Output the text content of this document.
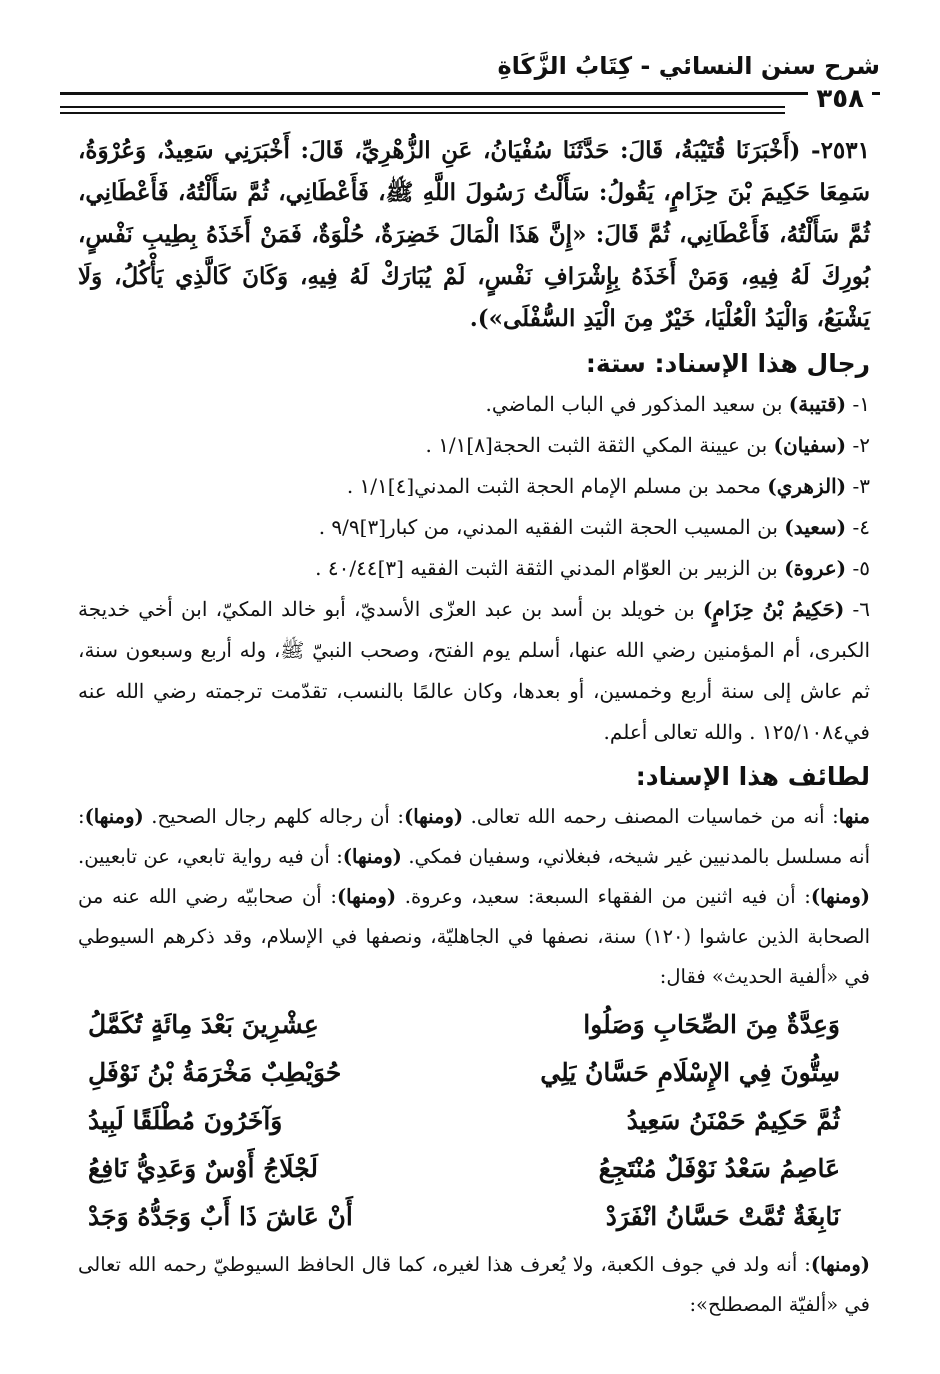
شرح سنن النسائي - كِتَابُ الزَّكَاةِ
٣٥٨

٢٥٣١- (أَخْبَرَنَا قُتَيْبَةُ، قَالَ: حَدَّثَنَا سُفْيَانُ، عَنِ الزُّهْرِيِّ، قَالَ: أَخْبَرَنِي سَعِيدٌ، وَعُرْوَةُ، سَمِعَا حَكِيمَ بْنَ حِزَامٍ، يَقُولُ: سَأَلْتُ رَسُولَ اللَّهِ ﷺ، فَأَعْطَانِي، ثُمَّ سَأَلْتُهُ، فَأَعْطَانِي، ثُمَّ سَأَلْتُهُ، فَأَعْطَانِي، ثُمَّ قَالَ: «إِنَّ هَذَا الْمَالَ خَضِرَةٌ، حُلْوَةٌ، فَمَنْ أَخَذَهُ بِطِيبِ نَفْسٍ، بُورِكَ لَهُ فِيهِ، وَمَنْ أَخَذَهُ بِإِشْرَافِ نَفْسٍ، لَمْ يُبَارَكْ لَهُ فِيهِ، وَكَانَ كَالَّذِي يَأْكُلُ، وَلَا يَشْبَعُ، وَالْيَدُ الْعُلْيَا، خَيْرٌ مِنَ الْيَدِ السُّفْلَى»).

رجال هذا الإسناد: ستة:

١- (قتيبة) بن سعيد المذكور في الباب الماضي.

٢- (سفيان) بن عيينة المكي الثقة الثبت الحجة[٨]١/١ .

٣- (الزهري) محمد بن مسلم الإمام الحجة الثبت المدني[٤]١/١ .

٤- (سعيد) بن المسيب الحجة الثبت الفقيه المدني، من كبار[٣]٩/٩ .

٥- (عروة) بن الزبير بن العوّام المدني الثقة الثبت الفقيه [٣]٤٠/٤٤ .

٦- (حَكِيمُ بْنُ حِزَامٍ) بن خويلد بن أسد بن عبد العزّى الأسديّ، أبو خالد المكيّ، ابن أخي خديجة الكبرى، أم المؤمنين رضي الله عنها، أسلم يوم الفتح، وصحب النبيّ ﷺ، وله أربع وسبعون سنة، ثم عاش إلى سنة أربع وخمسين، أو بعدها، وكان عالمًا بالنسب، تقدّمت ترجمته رضي الله عنه في١٢٥/١٠٨٤ . والله تعالى أعلم.

لطائف هذا الإسناد:

منها: أنه من خماسيات المصنف رحمه الله تعالى. (ومنها): أن رجاله كلهم رجال الصحيح. (ومنها): أنه مسلسل بالمدنيين غير شيخه، فبغلاني، وسفيان فمكي. (ومنها): أن فيه رواية تابعي، عن تابعيين. (ومنها): أن فيه اثنين من الفقهاء السبعة: سعيد، وعروة. (ومنها): أن صحابيّه رضي الله عنه من الصحابة الذين عاشوا (١٢٠) سنة، نصفها في الجاهليّة، ونصفها في الإسلام، وقد ذكرهم السيوطي في «ألفية الحديث» فقال:

وَعِدَّةٌ مِنَ الصِّحَابِ وَصَلُوا
عِشْرِينَ بَعْدَ مِائَةٍ تُكَمَّلُ
سِتُّونَ فِي الإِسْلَامِ حَسَّانُ يَلِي
حُوَيْطِبٌ مَخْرَمَةُ بْنُ نَوْفَلِ
ثُمَّ حَكِيمٌ حَمْنَنُ سَعِيدُ
وَآخَرُونَ مُطْلَقًا لَبِيدُ
عَاصِمُ سَعْدُ نَوْفَلٌ مُنْتَجِعُ
لَجْلَاجُ أَوْسٌ وَعَدِيُّ نَافِعُ
نَابِغَةٌ تُمَّتْ حَسَّانُ انْفَرَدْ
أَنْ عَاشَ ذَا أَبٌ وَجَدُّهُ وَجَدْ

(ومنها): أنه ولد في جوف الكعبة، ولا يُعرف هذا لغيره، كما قال الحافظ السيوطيّ رحمه الله تعالى في «ألفيّة المصطلح»:
